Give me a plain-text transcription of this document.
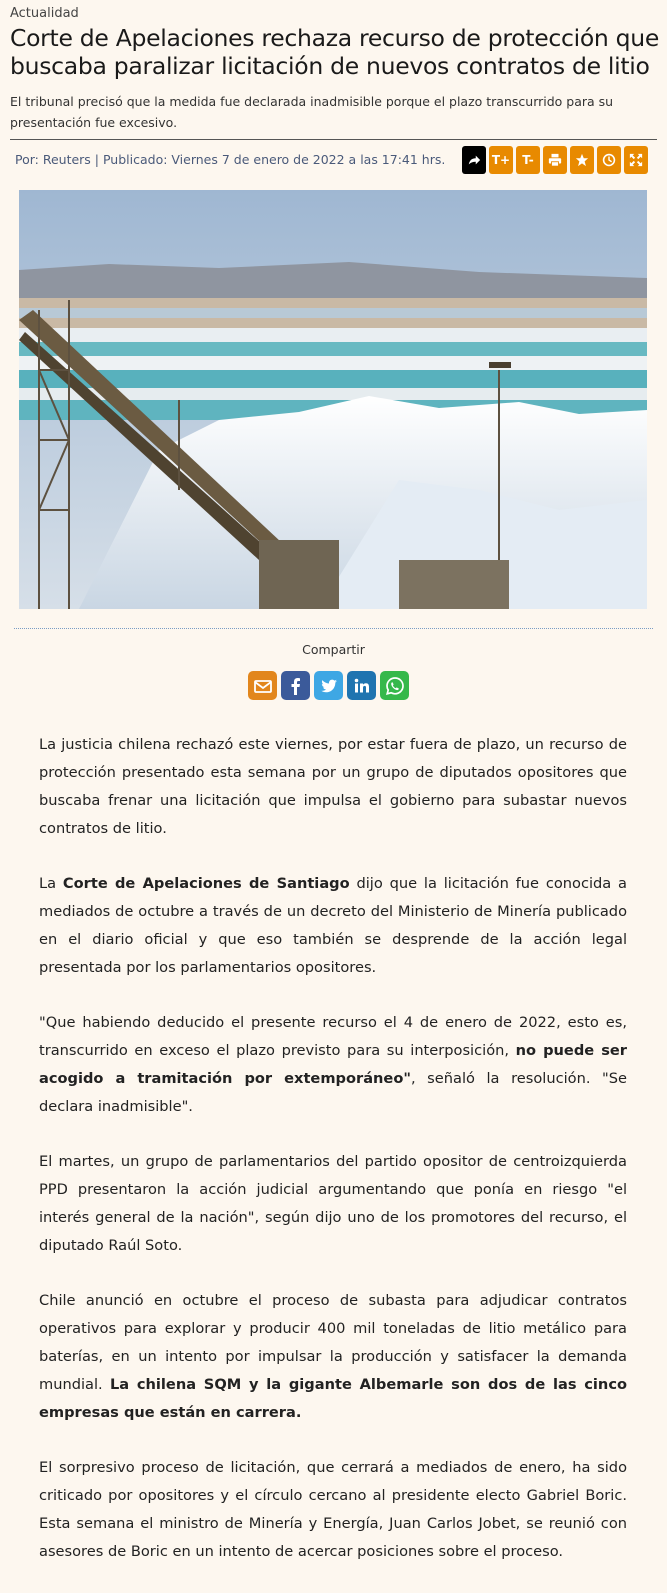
Actualidad
Corte de Apelaciones rechaza recurso de protección que buscaba paralizar licitación de nuevos contratos de litio
El tribunal precisó que la medida fue declarada inadmisible porque el plazo transcurrido para su presentación fue excesivo.
Por: Reuters | Publicado: Viernes 7 de enero de 2022 a las 17:41 hrs.	T+	T-
Compartir

La justicia chilena rechazó este viernes, por estar fuera de plazo, un recurso de protección presentado esta semana por un grupo de diputados opositores que buscaba frenar una licitación que impulsa el gobierno para subastar nuevos contratos de litio.

La Corte de Apelaciones de Santiago dijo que la licitación fue conocida a mediados de octubre a través de un decreto del Ministerio de Minería publicado en el diario oficial y que eso también se desprende de la acción legal presentada por los parlamentarios opositores.

"Que habiendo deducido el presente recurso el 4 de enero de 2022, esto es, transcurrido en exceso el plazo previsto para su interposición, no puede ser acogido a tramitación por extemporáneo", señaló la resolución. "Se declara inadmisible".

El martes, un grupo de parlamentarios del partido opositor de centroizquierda PPD presentaron la acción judicial argumentando que ponía en riesgo "el interés general de la nación", según dijo uno de los promotores del recurso, el diputado Raúl Soto.

Chile anunció en octubre el proceso de subasta para adjudicar contratos operativos para explorar y producir 400 mil toneladas de litio metálico para baterías, en un intento por impulsar la producción y satisfacer la demanda mundial. La chilena SQM y la gigante Albemarle son dos de las cinco empresas que están en carrera.

El sorpresivo proceso de licitación, que cerrará a mediados de enero, ha sido criticado por opositores y el círculo cercano al presidente electo Gabriel Boric. Esta semana el ministro de Minería y Energía, Juan Carlos Jobet, se reunió con asesores de Boric en un intento de acercar posiciones sobre el proceso.
